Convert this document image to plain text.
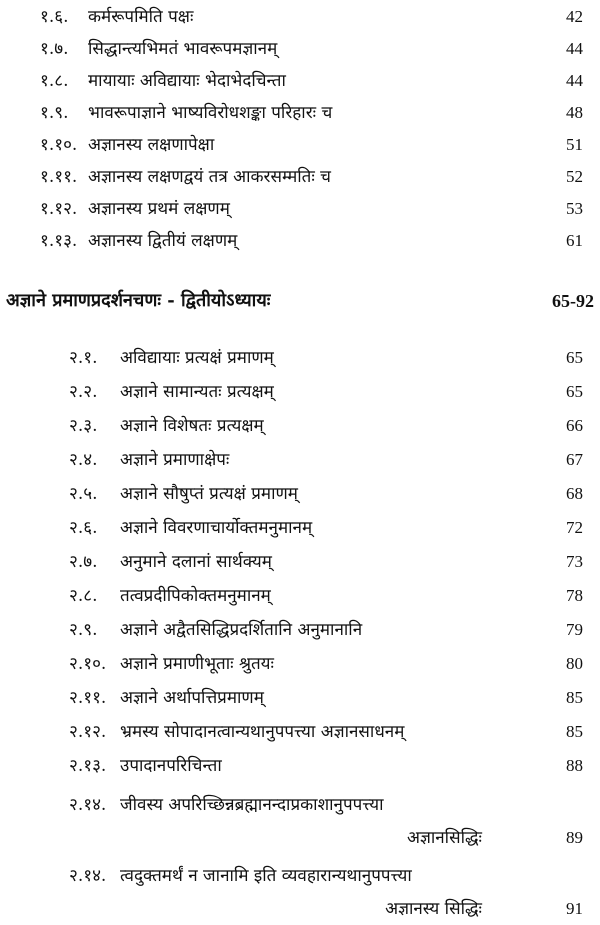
१.६. कर्मरूपमिति पक्षः	42
१.७. सिद्धान्त्यभिमतं भावरूपमज्ञानम्	44
१.८. मायायाः अविद्यायाः भेदाभेदचिन्ता	44
१.९. भावरूपाज्ञाने भाष्यविरोधशङ्का परिहारः च	48
१.१०. अज्ञानस्य लक्षणापेक्षा	51
१.११. अज्ञानस्य लक्षणद्वयं तत्र आकरसम्मतिः च	52
१.१२. अज्ञानस्य प्रथमं लक्षणम्	53
१.१३. अज्ञानस्य द्वितीयं लक्षणम्	61
अज्ञाने प्रमाणप्रदर्शनचणः - द्वितीयोऽध्यायः	65-92
२.१. अविद्यायाः प्रत्यक्षं प्रमाणम्	65
२.२. अज्ञाने सामान्यतः प्रत्यक्षम्	65
२.३. अज्ञाने विशेषतः प्रत्यक्षम्	66
२.४. अज्ञाने प्रमाणाक्षेपः	67
२.५. अज्ञाने सौषुप्तं प्रत्यक्षं प्रमाणम्	68
२.६. अज्ञाने विवरणाचार्योक्तमनुमानम्	72
२.७. अनुमाने दलानां सार्थक्यम्	73
२.८. तत्वप्रदीपिकोक्तमनुमानम्	78
२.९. अज्ञाने अद्वैतसिद्धिप्रदर्शितानि अनुमानानि	79
२.१०. अज्ञाने प्रमाणीभूताः श्रुतयः	80
२.११. अज्ञाने अर्थापत्तिप्रमाणम्	85
२.१२. भ्रमस्य सोपादानत्वान्यथानुपपत्त्या अज्ञानसाधनम्	85
२.१३. उपादानपरिचिन्ता	88
२.१४. जीवस्य अपरिच्छिन्नब्रह्मानन्दाप्रकाशानुपपत्त्या
अज्ञानसिद्धिः	89
२.१४. त्वदुक्तमर्थं न जानामि इति व्यवहारान्यथानुपपत्त्या
अज्ञानस्य सिद्धिः	91
